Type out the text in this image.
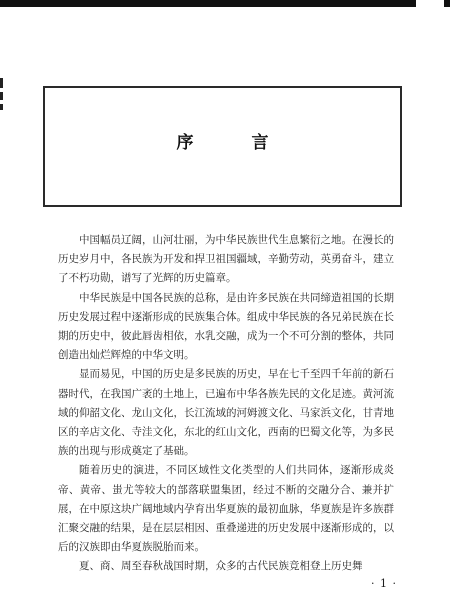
序 言

中国幅员辽阔，山河壮丽，为中华民族世代生息繁衍之地。在漫长的历史岁月中，各民族为开发和捍卫祖国疆域，辛勤劳动，英勇奋斗，建立了不朽功勋，谱写了光辉的历史篇章。

中华民族是中国各民族的总称，是由许多民族在共同缔造祖国的长期历史发展过程中逐渐形成的民族集合体。组成中华民族的各兄弟民族在长期的历史中，彼此唇齿相依，水乳交融，成为一个不可分割的整体，共同创造出灿烂辉煌的中华文明。

显而易见，中国的历史是多民族的历史，早在七千至四千年前的新石器时代，在我国广袤的土地上，已遍布中华各族先民的文化足迹。黄河流域的仰韶文化、龙山文化，长江流域的河姆渡文化、马家浜文化，甘青地区的辛店文化、寺洼文化，东北的红山文化，西南的巴蜀文化等，为多民族的出现与形成奠定了基础。

随着历史的演进，不同区域性文化类型的人们共同体，逐渐形成炎帝、黄帝、蚩尤等较大的部落联盟集团，经过不断的交融分合、兼并扩展，在中原这块广阔地域内孕育出华夏族的最初血脉，华夏族是许多族群汇聚交融的结果，是在层层相因、重叠递进的历史发展中逐渐形成的，以后的汉族即由华夏族脱胎而来。

夏、商、周至春秋战国时期，众多的古代民族竞相登上历史舞

· 1 ·
